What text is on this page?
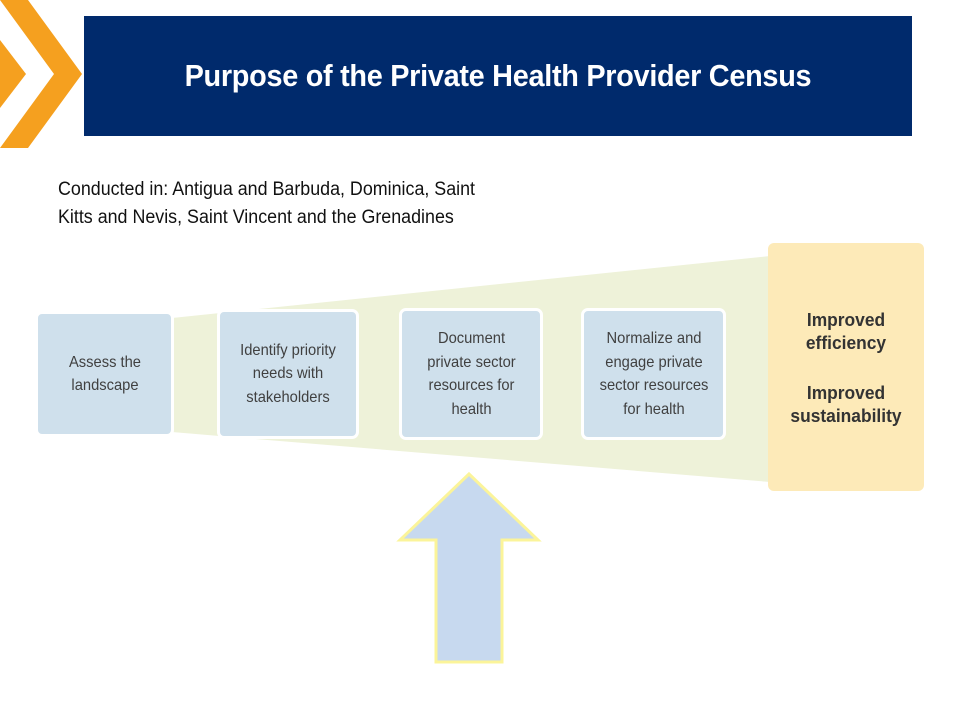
Purpose of the Private Health Provider Census
Conducted in: Antigua and Barbuda, Dominica, Saint Kitts and Nevis, Saint Vincent and the Grenadines
Assess the landscape
Identify priority needs with stakeholders
Document private sector resources for health
Normalize and engage private sector resources for health
Improved efficiency
Improved sustainability
